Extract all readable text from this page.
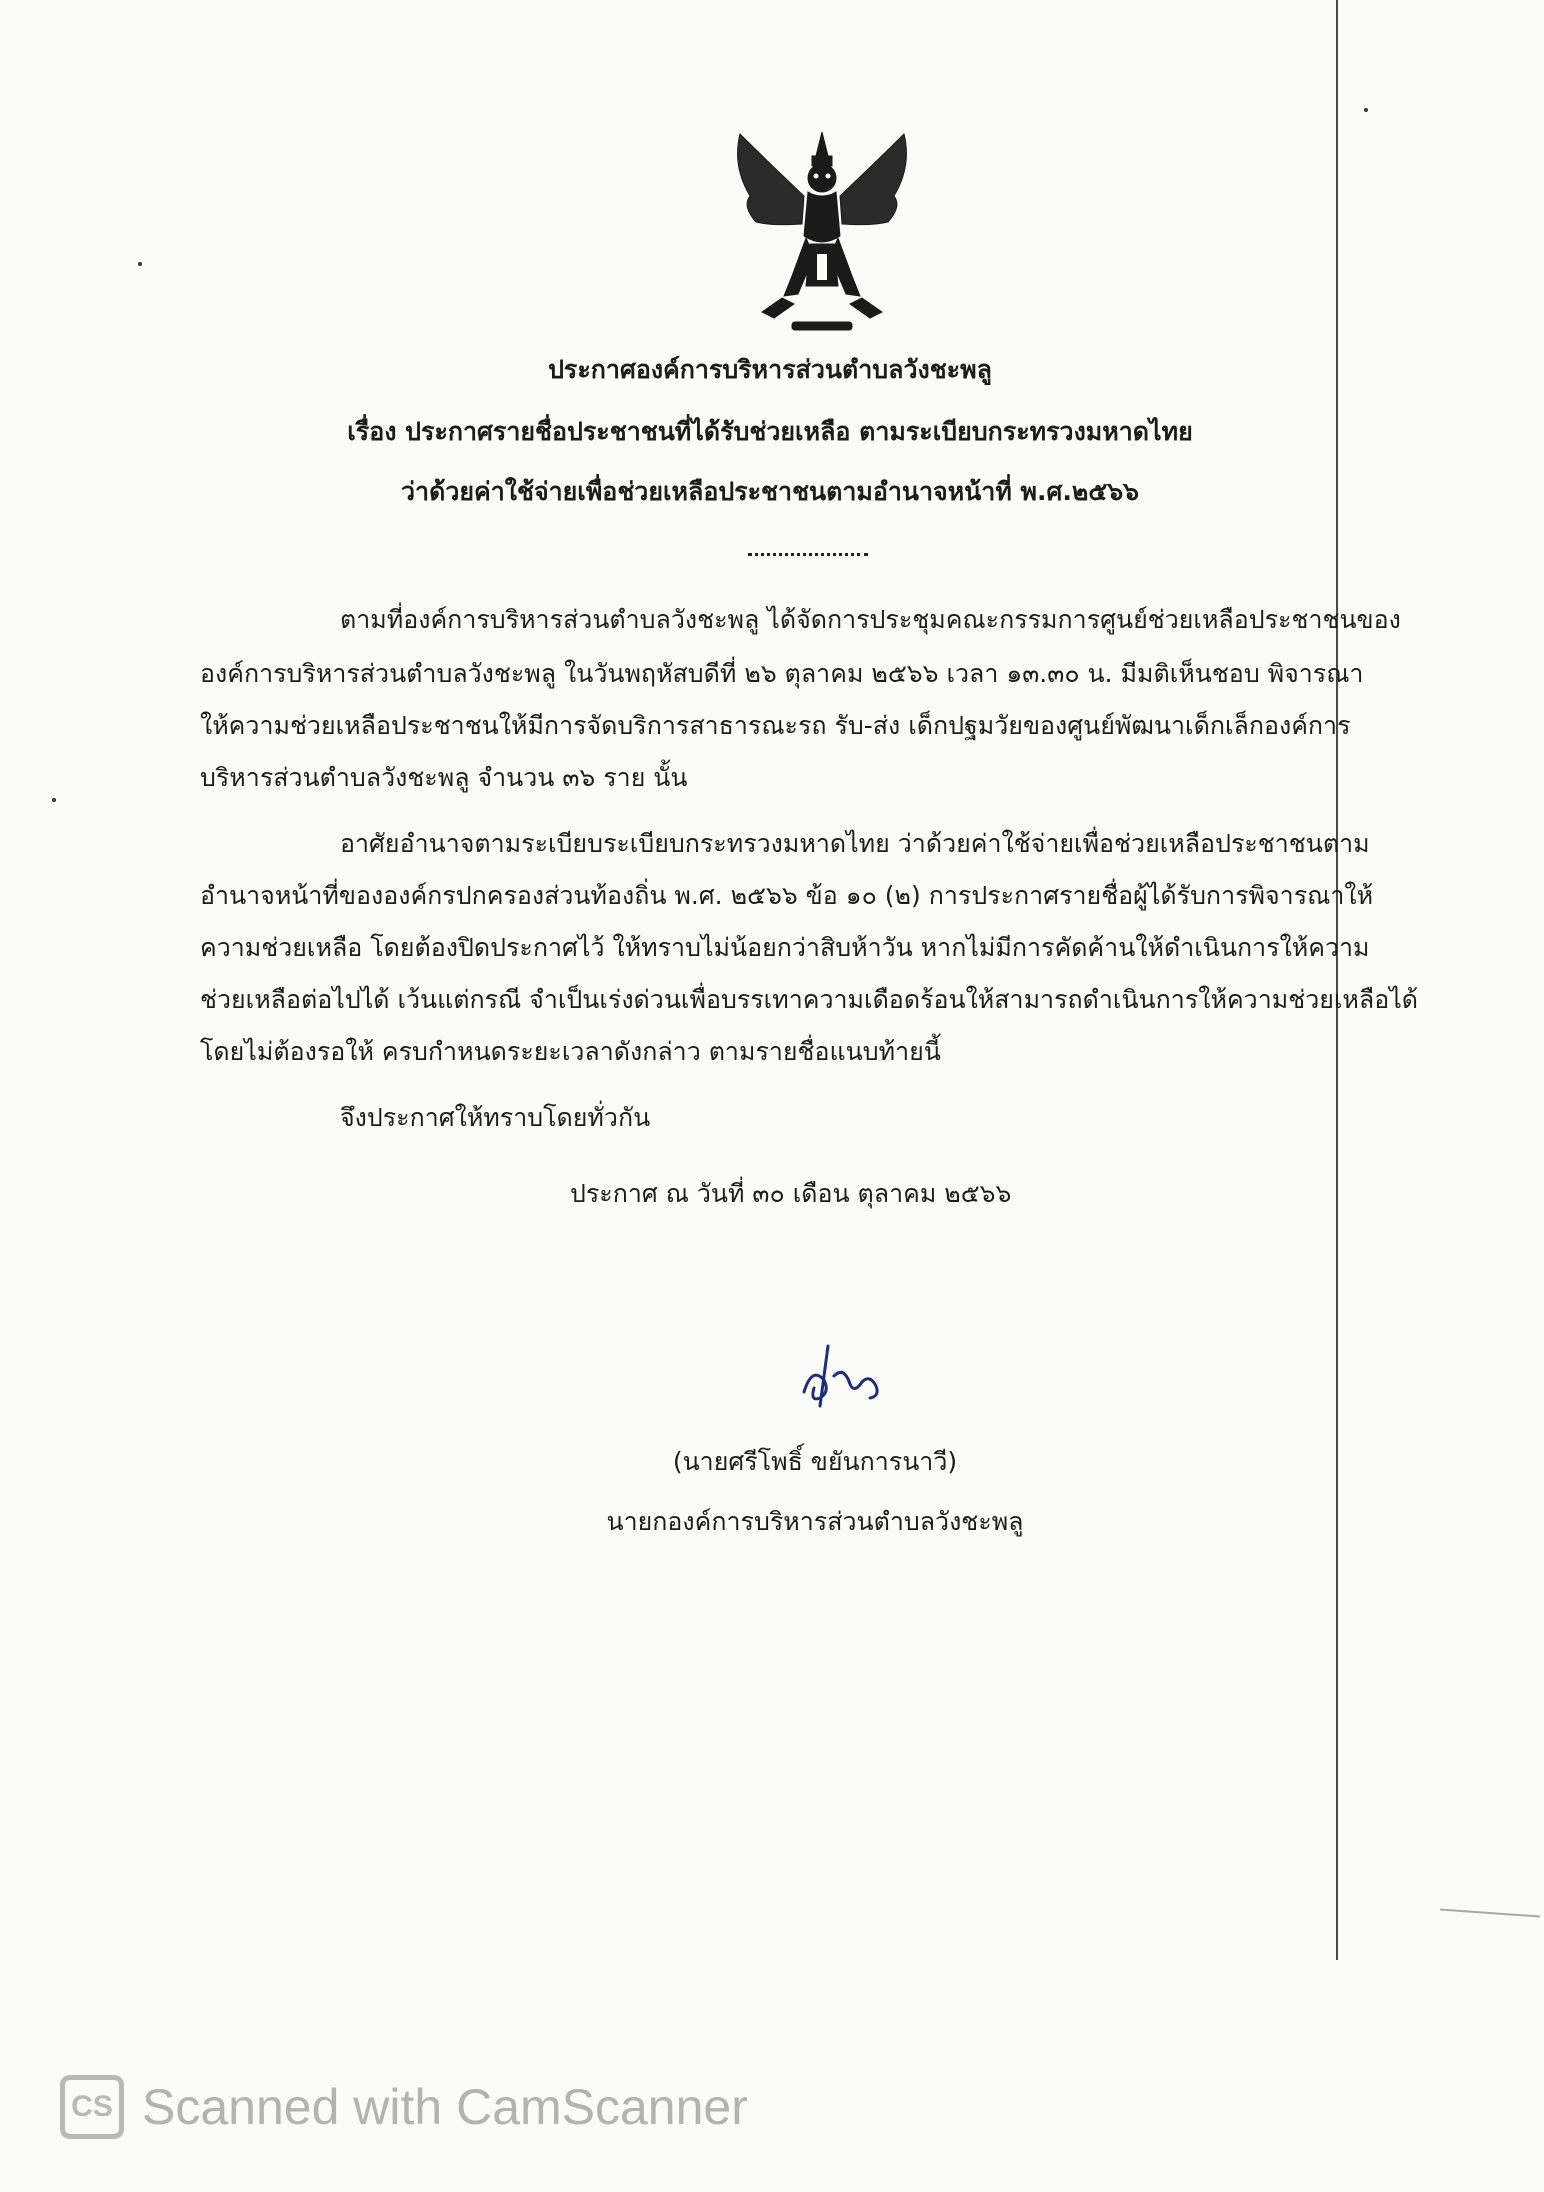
ประกาศองค์การบริหารส่วนตำบลวังชะพลู
เรื่อง ประกาศรายชื่อประชาชนที่ได้รับช่วยเหลือ ตามระเบียบกระทรวงมหาดไทย
ว่าด้วยค่าใช้จ่ายเพื่อช่วยเหลือประชาชนตามอำนาจหน้าที่ พ.ศ.๒๕๖๖
ตามที่องค์การบริหารส่วนตำบลวังชะพลู ได้จัดการประชุมคณะกรรมการศูนย์ช่วยเหลือประชาชนของ
องค์การบริหารส่วนตำบลวังชะพลู ในวันพฤหัสบดีที่ ๒๖ ตุลาคม ๒๕๖๖ เวลา ๑๓.๓๐ น. มีมติเห็นชอบ พิจารณา
ให้ความช่วยเหลือประชาชนให้มีการจัดบริการสาธารณะรถ รับ-ส่ง เด็กปฐมวัยของศูนย์พัฒนาเด็กเล็กองค์การ
บริหารส่วนตำบลวังชะพลู จำนวน ๓๖ ราย นั้น
อาศัยอำนาจตามระเบียบระเบียบกระทรวงมหาดไทย ว่าด้วยค่าใช้จ่ายเพื่อช่วยเหลือประชาชนตาม
อำนาจหน้าที่ขององค์กรปกครองส่วนท้องถิ่น พ.ศ. ๒๕๖๖ ข้อ ๑๐ (๒) การประกาศรายชื่อผู้ได้รับการพิจารณาให้
ความช่วยเหลือ โดยต้องปิดประกาศไว้ ให้ทราบไม่น้อยกว่าสิบห้าวัน หากไม่มีการคัดค้านให้ดำเนินการให้ความ
ช่วยเหลือต่อไปได้ เว้นแต่กรณี จำเป็นเร่งด่วนเพื่อบรรเทาความเดือดร้อนให้สามารถดำเนินการให้ความช่วยเหลือได้
โดยไม่ต้องรอให้ ครบกำหนดระยะเวลาดังกล่าว ตามรายชื่อแนบท้ายนี้
จึงประกาศให้ทราบโดยทั่วกัน
ประกาศ ณ วันที่ ๓๐ เดือน ตุลาคม ๒๕๖๖
(นายศรีโพธิ์ ขยันการนาวี)
นายกองค์การบริหารส่วนตำบลวังชะพลู
CS Scanned with CamScanner
